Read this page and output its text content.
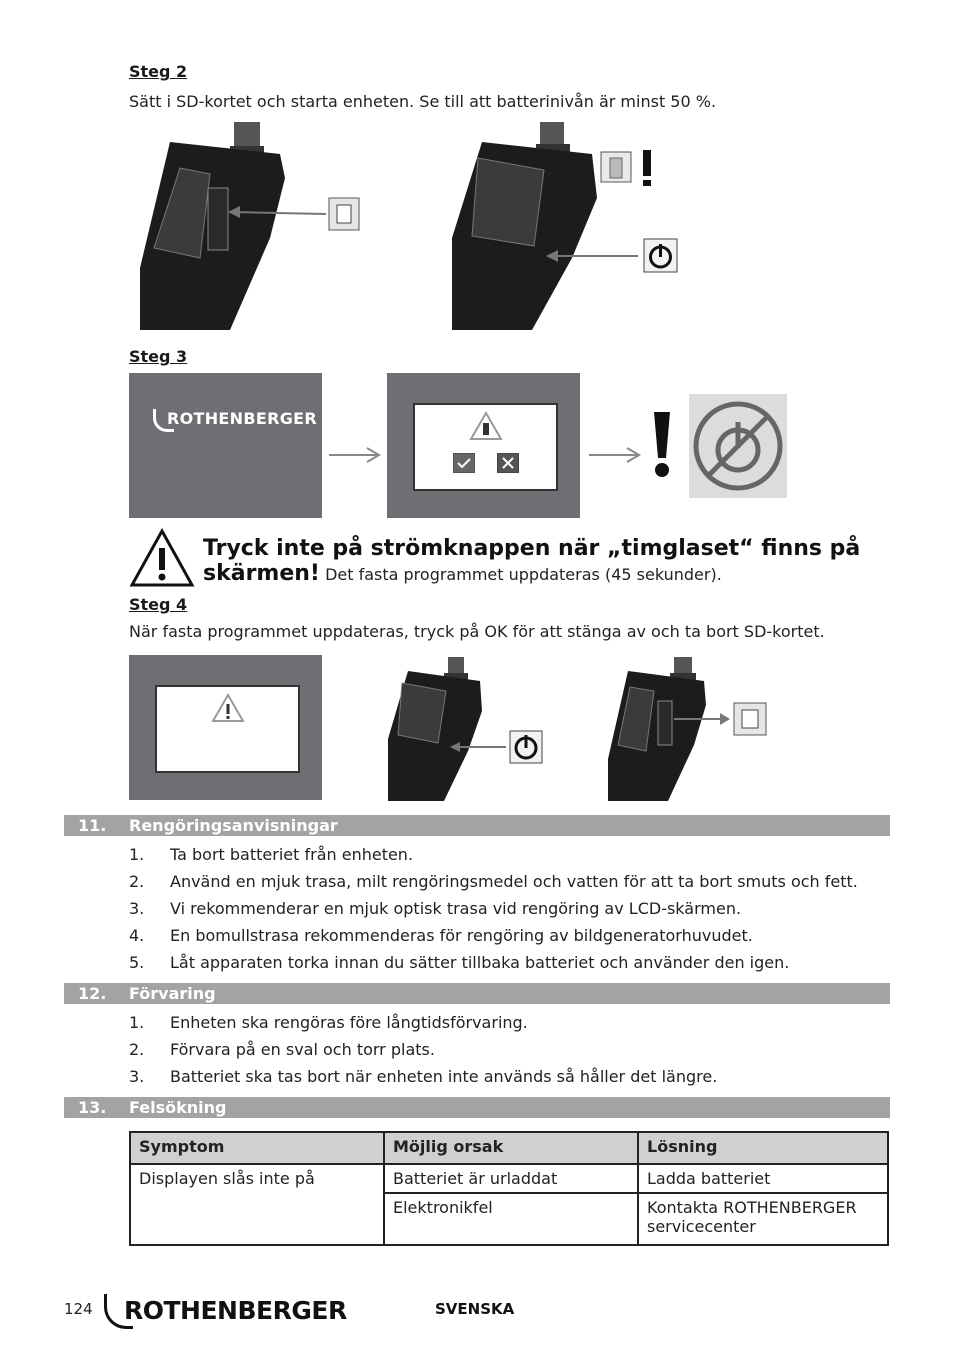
Steg 2
Sätt i SD-kortet och starta enheten. Se till att batterinivån är minst 50 %.
Steg 3
ROTHENBERGER
Tryck inte på strömknappen när „timglaset“ finns på
skärmen! Det fasta programmet uppdateras (45 sekunder).
Steg 4
När fasta programmet uppdateras, tryck på OK för att stänga av och ta bort SD-kortet.
11. Rengöringsanvisningar
1. Ta bort batteriet från enheten.
2. Använd en mjuk trasa, milt rengöringsmedel och vatten för att ta bort smuts och fett.
3. Vi rekommenderar en mjuk optisk trasa vid rengöring av LCD-skärmen.
4. En bomullstrasa rekommenderas för rengöring av bildgeneratorhuvudet.
5. Låt apparaten torka innan du sätter tillbaka batteriet och använder den igen.
12. Förvaring
1. Enheten ska rengöras före långtidsförvaring.
2. Förvara på en sval och torr plats.
3. Batteriet ska tas bort när enheten inte används så håller det längre.
13. Felsökning
Symptom	Möjlig orsak	Lösning
Displayen slås inte på	Batteriet är urladdat	Ladda batteriet
	Elektronikfel	Kontakta ROTHENBERGER
servicecenter
124 ROTHENBERGER	SVENSKA
